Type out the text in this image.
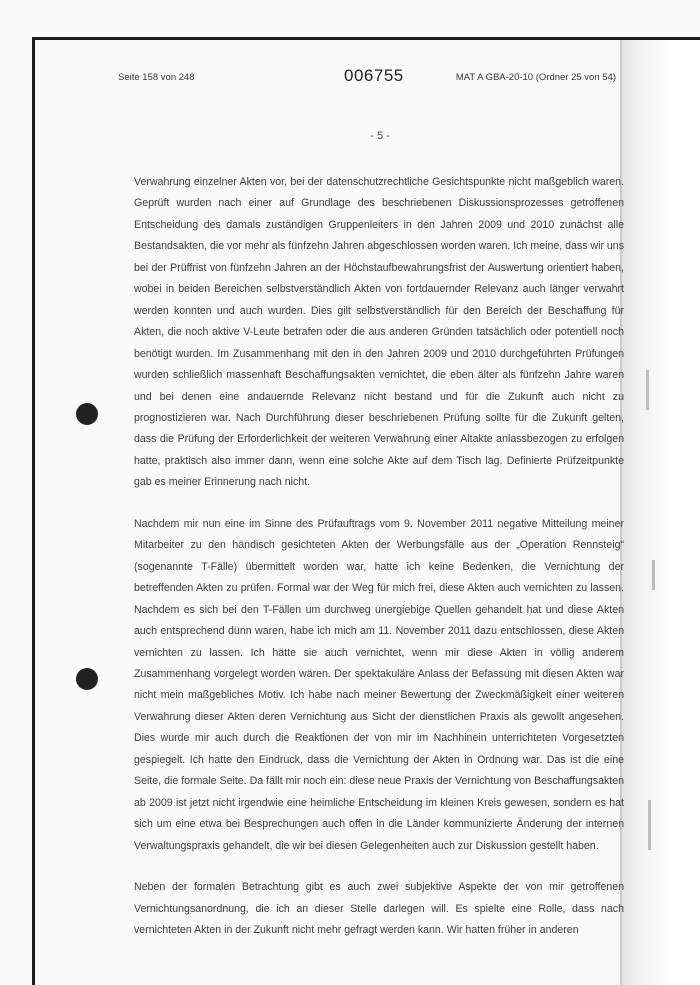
Seite 158 von 248	006755	MAT A GBA-20-10 (Ordner 25 von 54)
- 5 -

Verwahrung einzelner Akten vor, bei der datenschutzrechtliche Gesichtspunkte nicht maßgeblich waren. Geprüft wurden nach einer auf Grundlage des beschriebenen Diskussionsprozesses getroffenen Entscheidung des damals zuständigen Gruppenleiters in den Jahren 2009 und 2010 zunächst alle Bestandsakten, die vor mehr als fünfzehn Jahren abgeschlossen worden waren. Ich meine, dass wir uns bei der Prüffrist von fünfzehn Jahren an der Höchstaufbewahrungsfrist der Auswertung orientiert haben, wobei in beiden Bereichen selbstverständlich Akten von fortdauernder Relevanz auch länger verwahrt werden konnten und auch wurden. Dies gilt selbstverständlich für den Bereich der Beschaffung für Akten, die noch aktive V-Leute betrafen oder die aus anderen Gründen tatsächlich oder potentiell noch benötigt wurden. Im Zusammenhang mit den in den Jahren 2009 und 2010 durchgeführten Prüfungen wurden schließlich massenhaft Beschaffungsakten vernichtet, die eben älter als fünfzehn Jahre waren und bei denen eine andauernde Relevanz nicht bestand und für die Zukunft auch nicht zu prognostizieren war. Nach Durchführung dieser beschriebenen Prüfung sollte für die Zukunft gelten, dass die Prüfung der Erforderlichkeit der weiteren Verwahrung einer Altakte anlassbezogen zu erfolgen hatte, praktisch also immer dann, wenn eine solche Akte auf dem Tisch lag. Definierte Prüfzeitpunkte gab es meiner Erinnerung nach nicht.

Nachdem mir nun eine im Sinne des Prüfauftrags vom 9. November 2011 negative Mitteilung meiner Mitarbeiter zu den händisch gesichteten Akten der Werbungsfälle aus der „Operation Rennsteig“ (sogenannte T-Fälle) übermittelt worden war, hatte ich keine Bedenken, die Vernichtung der betreffenden Akten zu prüfen. Formal war der Weg für mich frei, diese Akten auch vernichten zu lassen. Nachdem es sich bei den T-Fällen um durchweg unergiebige Quellen gehandelt hat und diese Akten auch entsprechend dünn waren, habe ich mich am 11. November 2011 dazu entschlossen, diese Akten vernichten zu lassen. Ich hätte sie auch vernichtet, wenn mir diese Akten in völlig anderem Zusammenhang vorgelegt worden wären. Der spektakuläre Anlass der Befassung mit diesen Akten war nicht mein maßgebliches Motiv. Ich habe nach meiner Bewertung der Zweckmäßigkeit einer weiteren Verwahrung dieser Akten deren Vernichtung aus Sicht der dienstlichen Praxis als gewollt angesehen. Dies wurde mir auch durch die Reaktionen der von mir im Nachhinein unterrichteten Vorgesetzten gespiegelt. Ich hatte den Eindruck, dass die Vernichtung der Akten in Ordnung war. Das ist die eine Seite, die formale Seite. Da fällt mir noch ein: diese neue Praxis der Vernichtung von Beschaffungsakten ab 2009 ist jetzt nicht irgendwie eine heimliche Entscheidung im kleinen Kreis gewesen, sondern es hat sich um eine etwa bei Besprechungen auch offen in die Länder kommunizierte Änderung der internen Verwaltungspraxis gehandelt, die wir bei diesen Gelegenheiten auch zur Diskussion gestellt haben.

Neben der formalen Betrachtung gibt es auch zwei subjektive Aspekte der von mir getroffenen Vernichtungsanordnung, die ich an dieser Stelle darlegen will. Es spielte eine Rolle, dass nach vernichteten Akten in der Zukunft nicht mehr gefragt werden kann. Wir hatten früher in anderen
